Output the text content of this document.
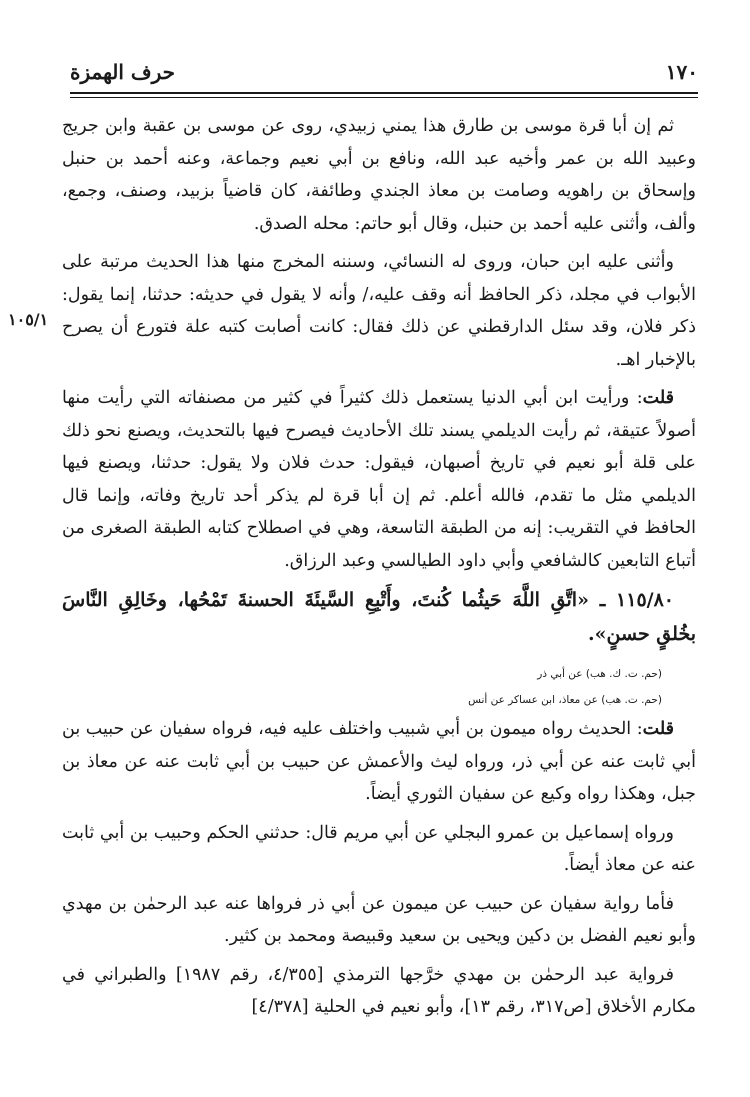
١٧٠
حرف الهمزة
١٠٥/١

ثم إن أبا قرة موسى بن طارق هذا يمني زبيدي، روى عن موسى بن عقبة وابن جريج وعبيد الله بن عمر وأخيه عبد الله، ونافع بن أبي نعيم وجماعة، وعنه أحمد بن حنبل وإسحاق بن راهويه وصامت بن معاذ الجندي وطائفة، كان قاضياً بزبيد، وصنف، وجمع، وألف، وأثنى عليه أحمد بن حنبل، وقال أبو حاتم: محله الصدق.

وأثنى عليه ابن حبان، وروى له النسائي، وسننه المخرج منها هذا الحديث مرتبة على الأبواب في مجلد، ذكر الحافظ أنه وقف عليه،/ وأنه لا يقول في حديثه: حدثنا، إنما يقول: ذكر فلان، وقد سئل الدارقطني عن ذلك فقال: كانت أصابت كتبه علة فتورع أن يصرح بالإخبار اهـ.

قلت: ورأيت ابن أبي الدنيا يستعمل ذلك كثيراً في كثير من مصنفاته التي رأيت منها أصولاً عتيقة، ثم رأيت الديلمي يسند تلك الأحاديث فيصرح فيها بالتحديث، ويصنع نحو ذلك على قلة أبو نعيم في تاريخ أصبهان، فيقول: حدث فلان ولا يقول: حدثنا، ويصنع فيها الديلمي مثل ما تقدم، فالله أعلم. ثم إن أبا قرة لم يذكر أحد تاريخ وفاته، وإنما قال الحافظ في التقريب: إنه من الطبقة التاسعة، وهي في اصطلاح كتابه الطبقة الصغرى من أتباع التابعين كالشافعي وأبي داود الطيالسي وعبد الرزاق.

١١٥/٨٠ ـ «اتَّقِ اللَّهَ حَيثُما كُنتَ، وأَتْبِعِ السَّيئَةَ الحسنةَ تَمْحُها، وخَالِقِ النَّاسَ بخُلقٍ حسنٍ».

(حم. ت. ك. هب) عن أبي ذر

(حم. ت. هب) عن معاذ، ابن عساكر عن أنس

قلت: الحديث رواه ميمون بن أبي شبيب واختلف عليه فيه، فرواه سفيان عن حبيب بن أبي ثابت عنه عن أبي ذر، ورواه ليث والأعمش عن حبيب بن أبي ثابت عنه عن معاذ بن جبل، وهكذا رواه وكيع عن سفيان الثوري أيضاً.

ورواه إسماعيل بن عمرو البجلي عن أبي مريم قال: حدثني الحكم وحبيب بن أبي ثابت عنه عن معاذ أيضاً.

فأما رواية سفيان عن حبيب عن ميمون عن أبي ذر فرواها عنه عبد الرحمٰن بن مهدي وأبو نعيم الفضل بن دكين ويحيى بن سعيد وقبيصة ومحمد بن كثير.

فرواية عبد الرحمٰن بن مهدي خرَّجها الترمذي [٤/٣٥٥، رقم ١٩٨٧] والطبراني في مكارم الأخلاق [ص٣١٧، رقم ١٣]، وأبو نعيم في الحلية [٤/٣٧٨]
